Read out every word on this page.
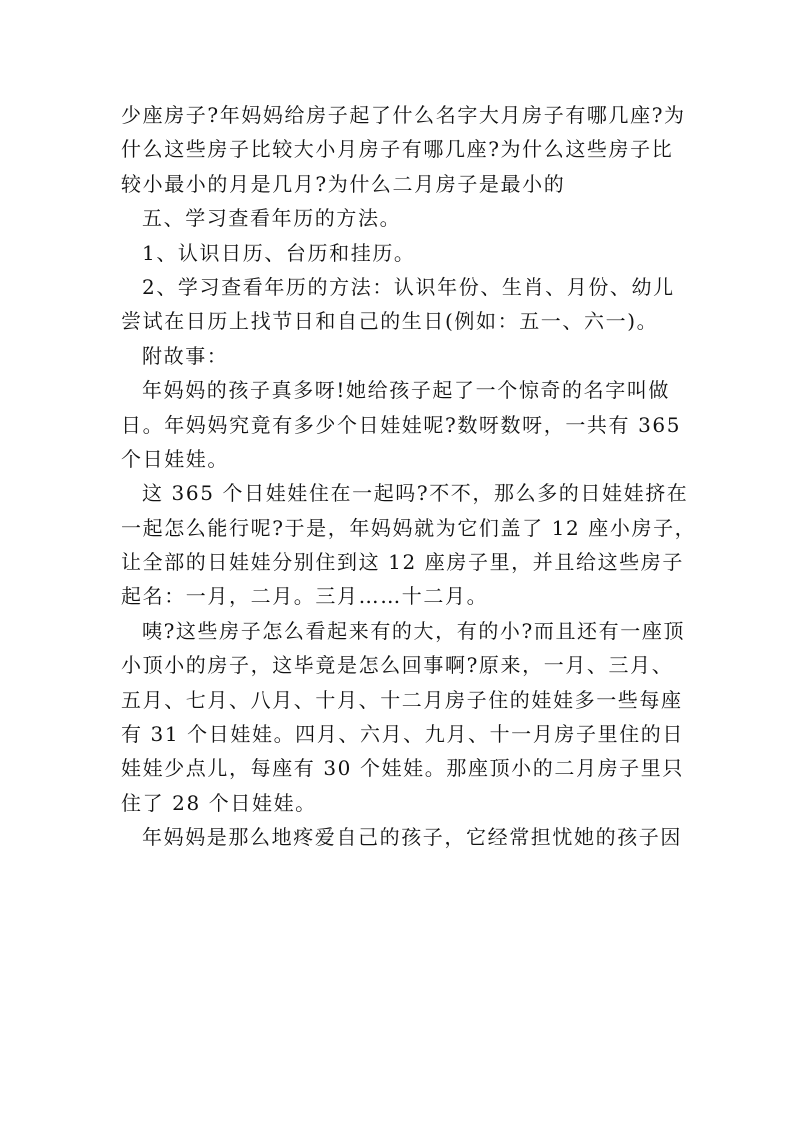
少座房子?年妈妈给房子起了什么名字大月房子有哪几座?为
什么这些房子比较大小月房子有哪几座?为什么这些房子比
较小最小的月是几月?为什么二月房子是最小的
五、学习查看年历的方法。
1、认识日历、台历和挂历。
2、学习查看年历的方法：认识年份、生肖、月份、幼儿
尝试在日历上找节日和自己的生日(例如：五一、六一)。
附故事：
年妈妈的孩子真多呀!她给孩子起了一个惊奇的名字叫做
日。年妈妈究竟有多少个日娃娃呢?数呀数呀，一共有 365
个日娃娃。
这 365 个日娃娃住在一起吗?不不，那么多的日娃娃挤在
一起怎么能行呢?于是，年妈妈就为它们盖了 12 座小房子，
让全部的日娃娃分别住到这 12 座房子里，并且给这些房子
起名：一月，二月。三月……十二月。
咦?这些房子怎么看起来有的大，有的小?而且还有一座顶
小顶小的房子，这毕竟是怎么回事啊?原来，一月、三月、
五月、七月、八月、十月、十二月房子住的娃娃多一些每座
有 31 个日娃娃。四月、六月、九月、十一月房子里住的日
娃娃少点儿，每座有 30 个娃娃。那座顶小的二月房子里只
住了 28 个日娃娃。
年妈妈是那么地疼爱自己的孩子，它经常担忧她的孩子因
